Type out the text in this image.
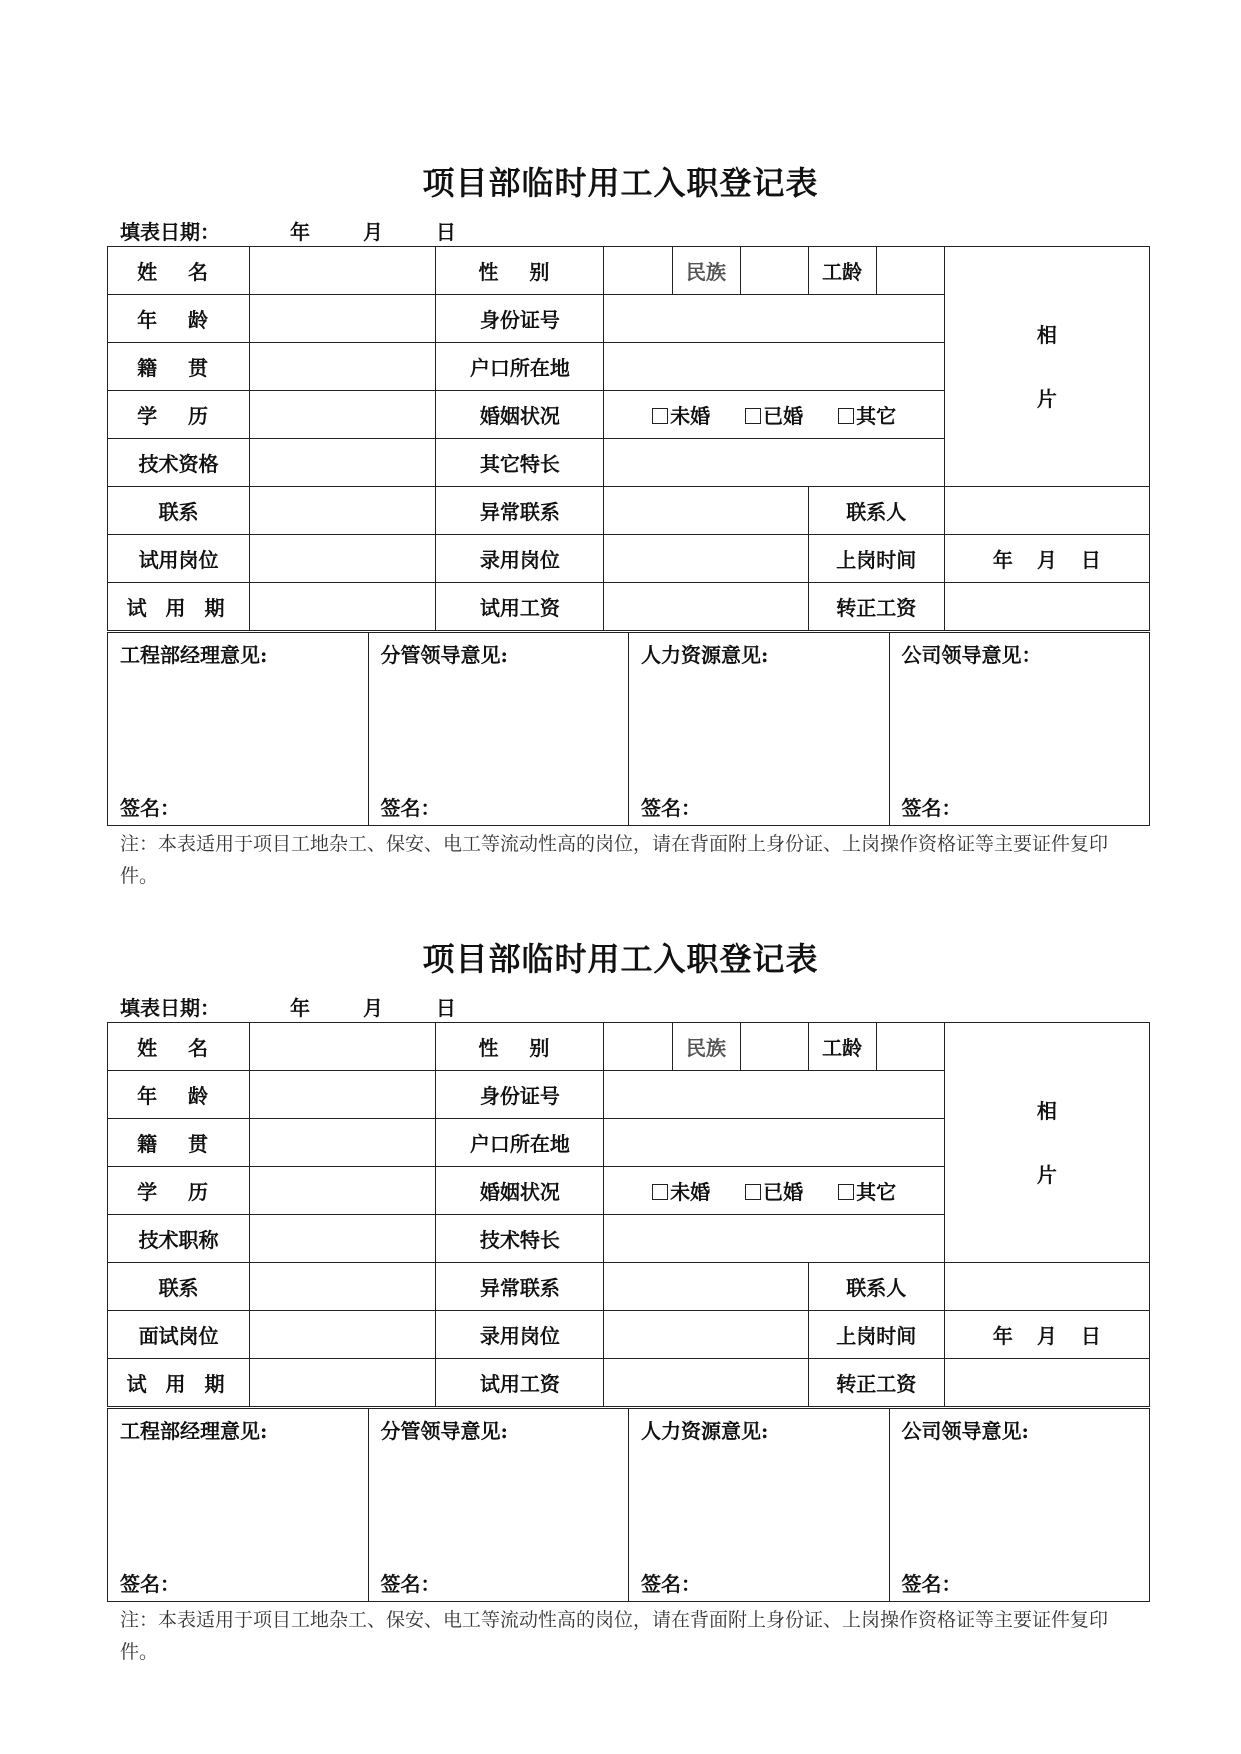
项目部临时用工入职登记表
填表日期：	年	月	日
姓 名		性 别		民族		工龄		相
片

年 龄		身份证号						
籍 贯		户口所在地						
学 历		婚姻状况	未婚 已婚 其它					
技术资格		其它特长						
联系		异常联系				联系人		
试用岗位		录用岗位				上岗时间		年 月 日
试 用 期		试用工资				转正工资		
工程部经理意见:
签名：

分管领导意见:
签名：

人力资源意见:
签名：

公司领导意见：
签名：
注：本表适用于项目工地杂工、保安、电工等流动性高的岗位，请在背面附上身份证、上岗操作资格证等主要证件复印件。
项目部临时用工入职登记表
填表日期：	年	月	日
姓 名		性 别		民族		工龄		相
片

年 龄		身份证号						
籍 贯		户口所在地						
学 历		婚姻状况	未婚 已婚 其它					
技术职称		技术特长						
联系		异常联系				联系人		
面试岗位		录用岗位				上岗时间		年 月 日
试 用 期		试用工资				转正工资		
工程部经理意见:
签名：

分管领导意见:
签名：

人力资源意见:
签名：

公司领导意见:
签名：
注：本表适用于项目工地杂工、保安、电工等流动性高的岗位，请在背面附上身份证、上岗操作资格证等主要证件复印件。
